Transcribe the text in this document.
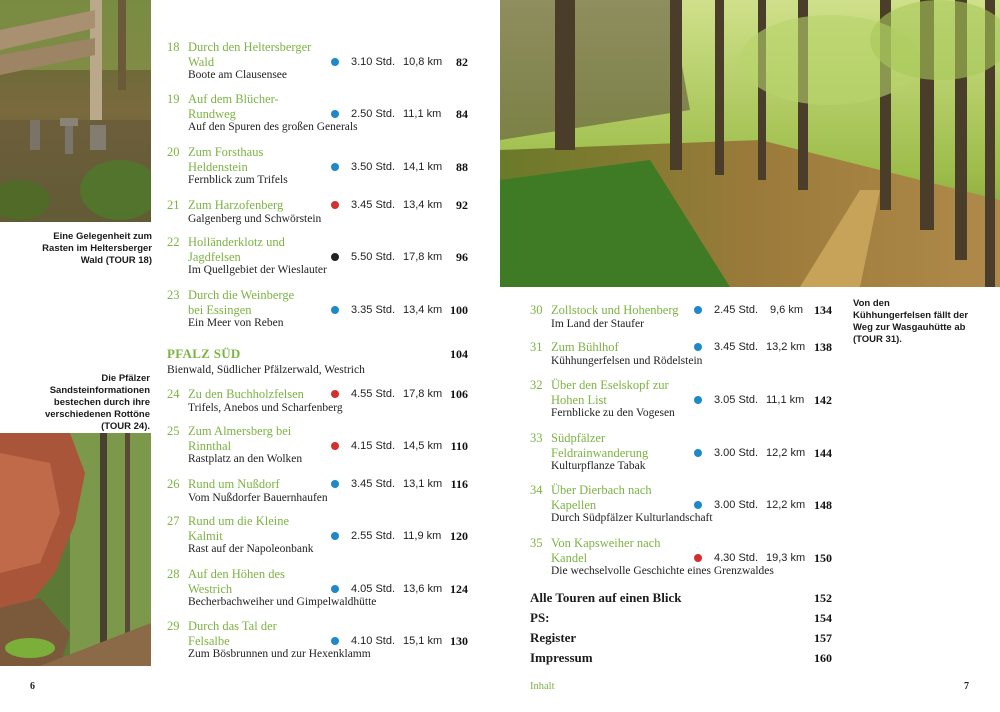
Eine Gelegenheit zum Rasten im Heltersberger Wald (TOUR 18)
Die Pfälzer Sandsteinformationen bestechen durch ihre verschiedenen Rottöne (TOUR 24).
18 Durch den Heltersberger Wald
Boote am Clausensee
3.10 Std. 10,8 km	82
19 Auf dem Blücher-Rundweg
Auf den Spuren des großen Generals
2.50 Std. 11,1 km	84
20 Zum Forsthaus Heldenstein
Fernblick zum Trifels
3.50 Std. 14,1 km	88
21 Zum Harzofenberg
Galgenberg und Schwörstein
3.45 Std. 13,4 km	92
22 Holländerklotz und Jagdfelsen
Im Quellgebiet der Wieslauter
5.50 Std. 17,8 km	96
23 Durch die Weinberge bei Essingen
Ein Meer von Reben
3.35 Std. 13,4 km 100
PFALZ SÜD	104
Bienwald, Südlicher Pfälzerwald, Westrich
24 Zu den Buchholzfelsen
Trifels, Anebos und Scharfenberg
4.55 Std. 17,8 km 106
25 Zum Almersberg bei Rinnthal
Rastplatz an den Wolken
4.15 Std. 14,5 km 110
26 Rund um Nußdorf
Vom Nußdorfer Bauernhaufen
3.45 Std. 13,1 km 116
27 Rund um die Kleine Kalmit
Rast auf der Napoleonbank
2.55 Std. 11,9 km 120
28 Auf den Höhen des Westrich
Becherbachweiher und Gimpelwaldhütte
4.05 Std. 13,6 km 124
29 Durch das Tal der Felsalbe
Zum Bösbrunnen und zur Hexenklamm
4.10 Std. 15,1 km 130
6
Von den Kühhungerfelsen fällt der Weg zur Wasgauhütte ab (TOUR 31).
30 Zollstock und Hohenberg
Im Land der Staufer
2.45 Std. 9,6 km 134
31 Zum Bühlhof
Kühhungerfelsen und Rödelstein
3.45 Std. 13,2 km 138
32 Über den Eselskopf zur Hohen List
Fernblicke zu den Vogesen
3.05 Std. 11,1 km 142
33 Südpfälzer Feldrainwanderung
Kulturpflanze Tabak
3.00 Std. 12,2 km 144
34 Über Dierbach nach Kapellen
Durch Südpfälzer Kulturlandschaft
3.00 Std. 12,2 km 148
35 Von Kapsweiher nach Kandel
Die wechselvolle Geschichte eines Grenzwaldes
4.30 Std. 19,3 km 150
Alle Touren auf einen Blick	152
PS:	154
Register	157
Impressum	160
Inhalt	7
